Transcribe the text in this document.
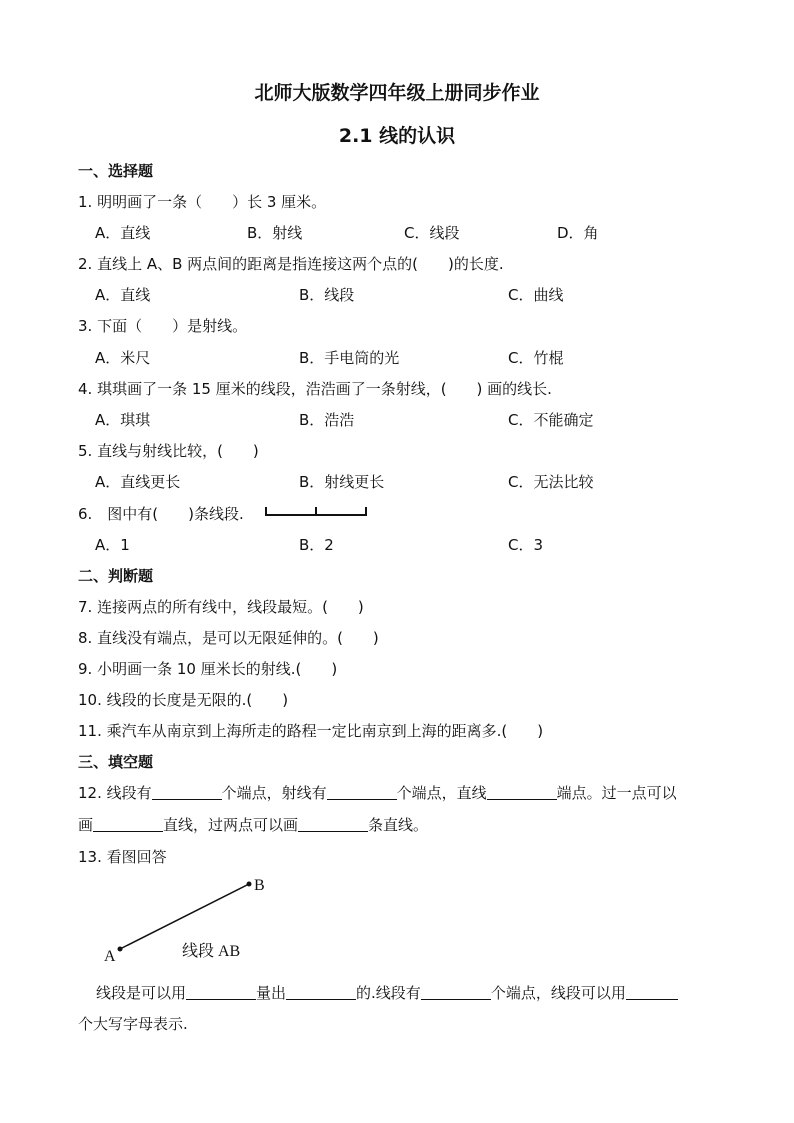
北师大版数学四年级上册同步作业
2.1 线的认识
一、选择题
1. 明明画了一条（　　）长 3 厘米。
A．直线	B．射线	C．线段	D．角
2. 直线上 A、B 两点间的距离是指连接这两个点的(　　)的长度.
A．直线	B．线段	C．曲线
3. 下面（　　）是射线。
A．米尺	B．手电筒的光	C．竹棍
4. 琪琪画了一条 15 厘米的线段，浩浩画了一条射线，(　　) 画的线长.
A．琪琪	B．浩浩	C．不能确定
5. 直线与射线比较，(　　)
A．直线更长	B．射线更长	C．无法比较
6.　图中有(　　)条线段.
A．1	B．2	C．3
二、判断题
7. 连接两点的所有线中，线段最短。(　　)
8. 直线没有端点，是可以无限延伸的。(　　)
9. 小明画一条 10 厘米长的射线.(　　)
10. 线段的长度是无限的.(　　)
11. 乘汽车从南京到上海所走的路程一定比南京到上海的距离多.(　　)
三、填空题
12. 线段有	个端点，射线有	个端点，直线	端点。过一点可以
画	直线，过两点可以画	条直线。
13. 看图回答
A
B
线段 AB
线段是可以用	量出	的.线段有	个端点，线段可以用
个大写字母表示.
